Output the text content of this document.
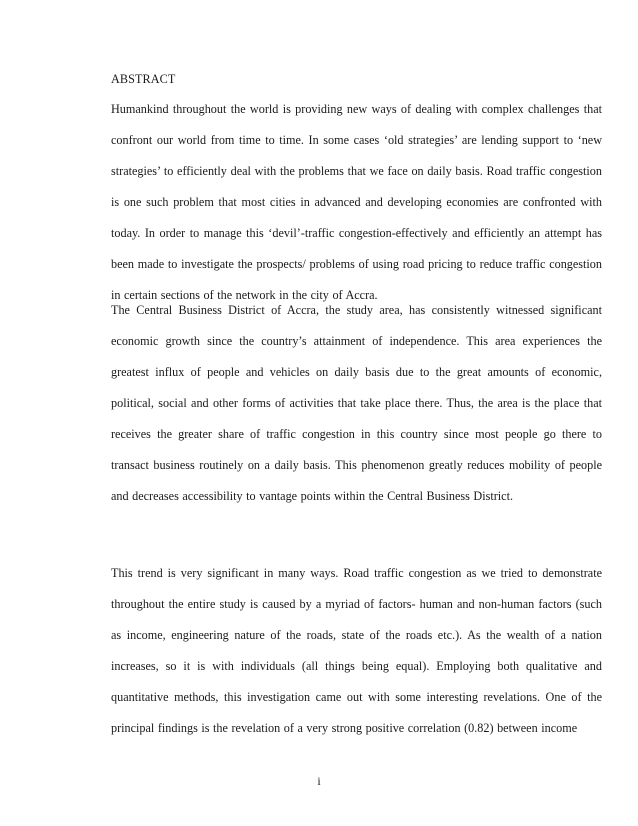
ABSTRACT

Humankind throughout the world is providing new ways of dealing with complex challenges that confront our world from time to time. In some cases ‘old strategies’ are lending support to ‘new strategies’ to efficiently deal with the problems that we face on daily basis. Road traffic congestion is one such problem that most cities in advanced and developing economies are confronted with today. In order to manage this ‘devil’-traffic congestion-effectively and efficiently an attempt has been made to investigate the prospects/ problems of using road pricing to reduce traffic congestion in certain sections of the network in the city of Accra.

The Central Business District of Accra, the study area, has consistently witnessed significant economic growth since the country’s attainment of independence. This area experiences the greatest influx of people and vehicles on daily basis due to the great amounts of economic, political, social and other forms of activities that take place there. Thus, the area is the place that receives the greater share of traffic congestion in this country since most people go there to transact business routinely on a daily basis. This phenomenon greatly reduces mobility of people and decreases accessibility to vantage points within the Central Business District.

This trend is very significant in many ways. Road traffic congestion as we tried to demonstrate throughout the entire study is caused by a myriad of factors- human and non-human factors (such as income, engineering nature of the roads, state of the roads etc.). As the wealth of a nation increases, so it is with individuals (all things being equal). Employing both qualitative and quantitative methods, this investigation came out with some interesting revelations. One of the principal findings is the revelation of a very strong positive correlation (0.82) between income

i
